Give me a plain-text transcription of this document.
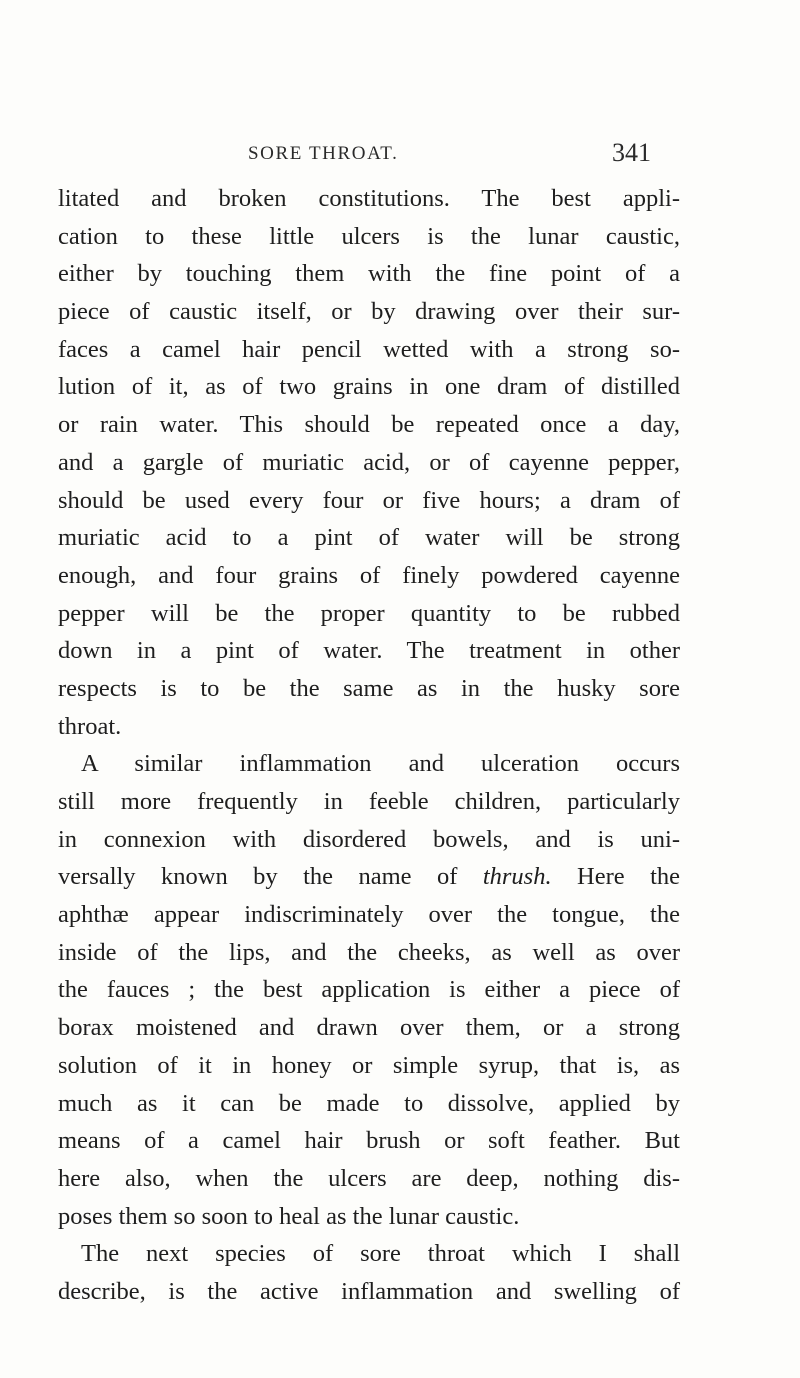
SORE THROAT.	341
litated and broken constitutions. The best appli-
cation to these little ulcers is the lunar caustic,
either by touching them with the fine point of a
piece of caustic itself, or by drawing over their sur-
faces a camel hair pencil wetted with a strong so-
lution of it, as of two grains in one dram of distilled
or rain water. This should be repeated once a day,
and a gargle of muriatic acid, or of cayenne pepper,
should be used every four or five hours; a dram of
muriatic acid to a pint of water will be strong
enough, and four grains of finely powdered cayenne
pepper will be the proper quantity to be rubbed
down in a pint of water. The treatment in other
respects is to be the same as in the husky sore
throat.
A similar inflammation and ulceration occurs
still more frequently in feeble children, particularly
in connexion with disordered bowels, and is uni-
versally known by the name of thrush. Here the
aphthæ appear indiscriminately over the tongue, the
inside of the lips, and the cheeks, as well as over
the fauces ; the best application is either a piece of
borax moistened and drawn over them, or a strong
solution of it in honey or simple syrup, that is, as
much as it can be made to dissolve, applied by
means of a camel hair brush or soft feather. But
here also, when the ulcers are deep, nothing dis-
poses them so soon to heal as the lunar caustic.
The next species of sore throat which I shall
describe, is the active inflammation and swelling of
